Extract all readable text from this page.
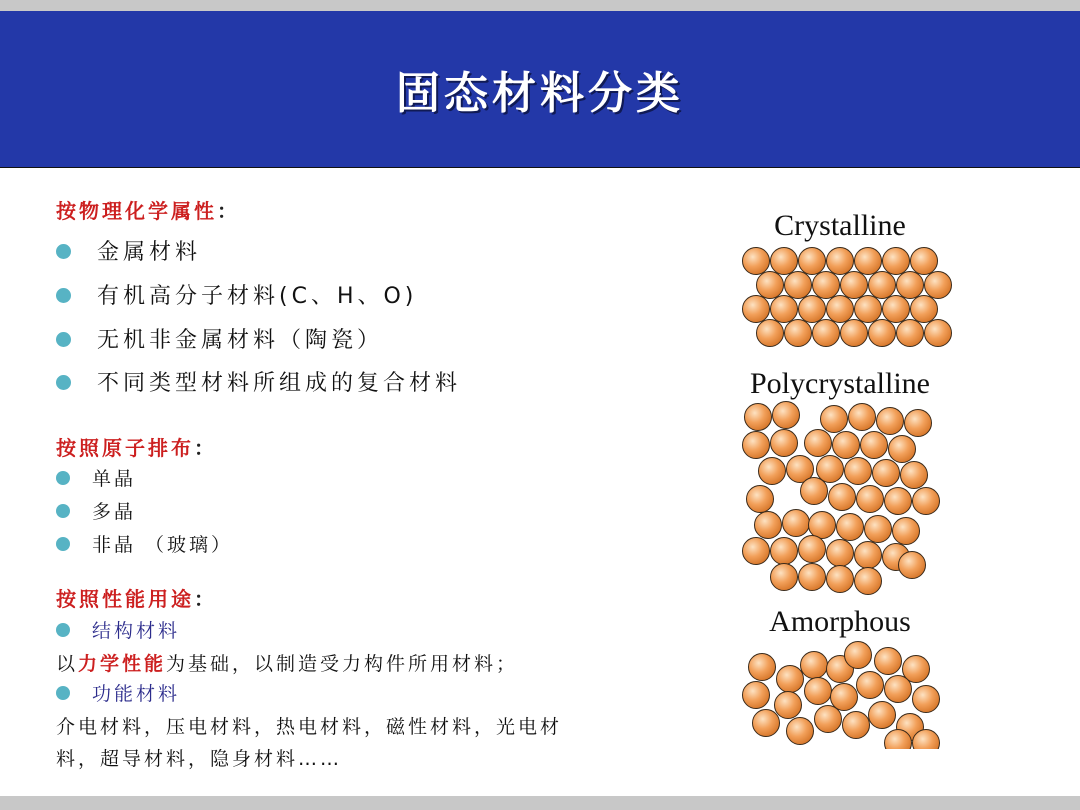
固态材料分类
按物理化学属性：
金属材料
有机高分子材料(C、H、O)
无机非金属材料（陶瓷）
不同类型材料所组成的复合材料
按照原子排布：
单晶
多晶
非晶 （玻璃）
按照性能用途：
结构材料
以力学性能为基础，以制造受力构件所用材料；
功能材料
介电材料，压电材料，热电材料，磁性材料，光电材
料，超导材料，隐身材料……
Crystalline
Polycrystalline
Amorphous
